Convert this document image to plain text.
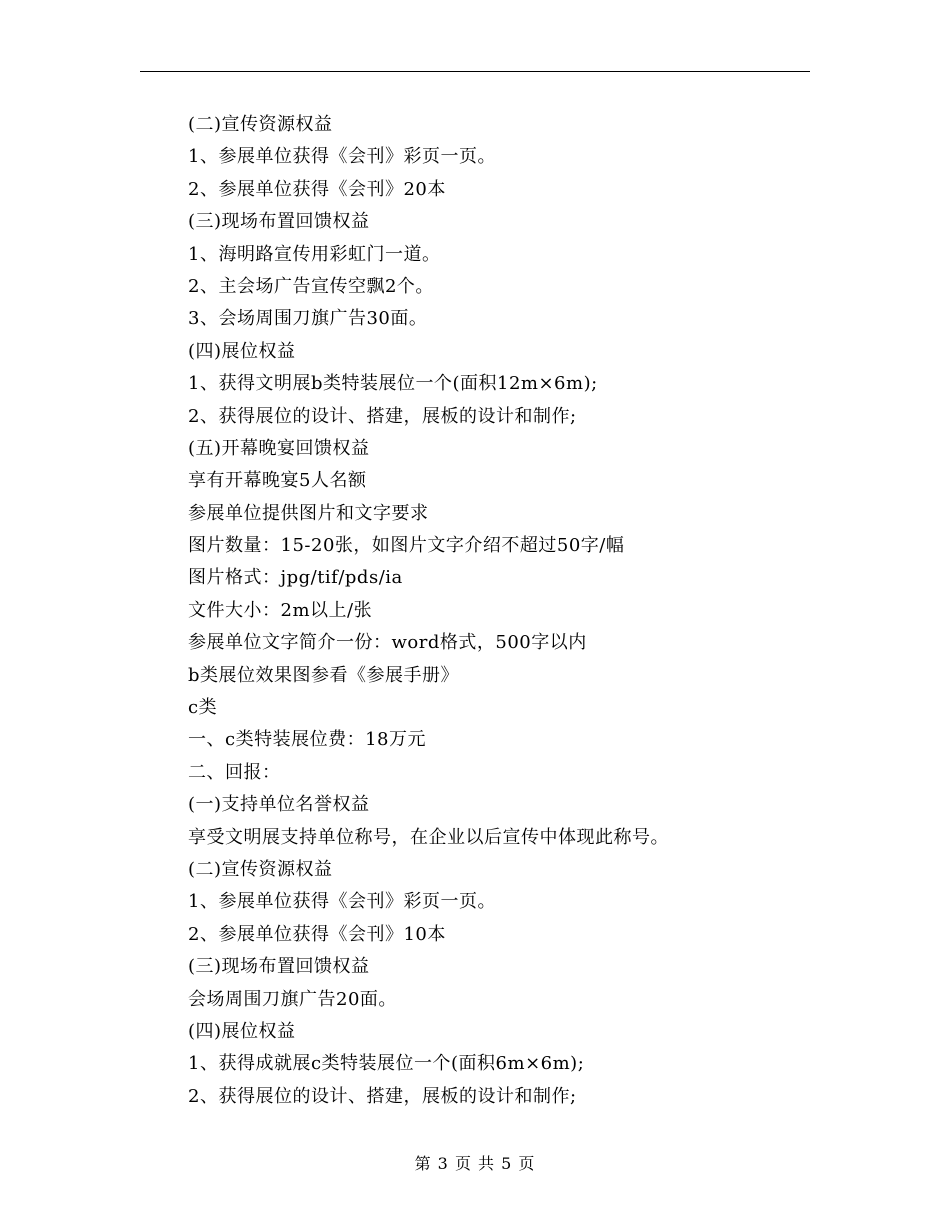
(二)宣传资源权益
1、参展单位获得《会刊》彩页一页。
2、参展单位获得《会刊》20本
(三)现场布置回馈权益
1、海明路宣传用彩虹门一道。
2、主会场广告宣传空飘2个。
3、会场周围刀旗广告30面。
(四)展位权益
1、获得文明展b类特装展位一个(面积12m×6m);
2、获得展位的设计、搭建，展板的设计和制作;
(五)开幕晚宴回馈权益
享有开幕晚宴5人名额
参展单位提供图片和文字要求
图片数量：15-20张，如图片文字介绍不超过50字/幅
图片格式：jpg/tif/pds/ia
文件大小：2m以上/张
参展单位文字简介一份：word格式，500字以内
b类展位效果图参看《参展手册》
c类
一、c类特装展位费：18万元
二、回报：
(一)支持单位名誉权益
享受文明展支持单位称号，在企业以后宣传中体现此称号。
(二)宣传资源权益
1、参展单位获得《会刊》彩页一页。
2、参展单位获得《会刊》10本
(三)现场布置回馈权益
会场周围刀旗广告20面。
(四)展位权益
1、获得成就展c类特装展位一个(面积6m×6m);
2、获得展位的设计、搭建，展板的设计和制作;
第 3 页 共 5 页
